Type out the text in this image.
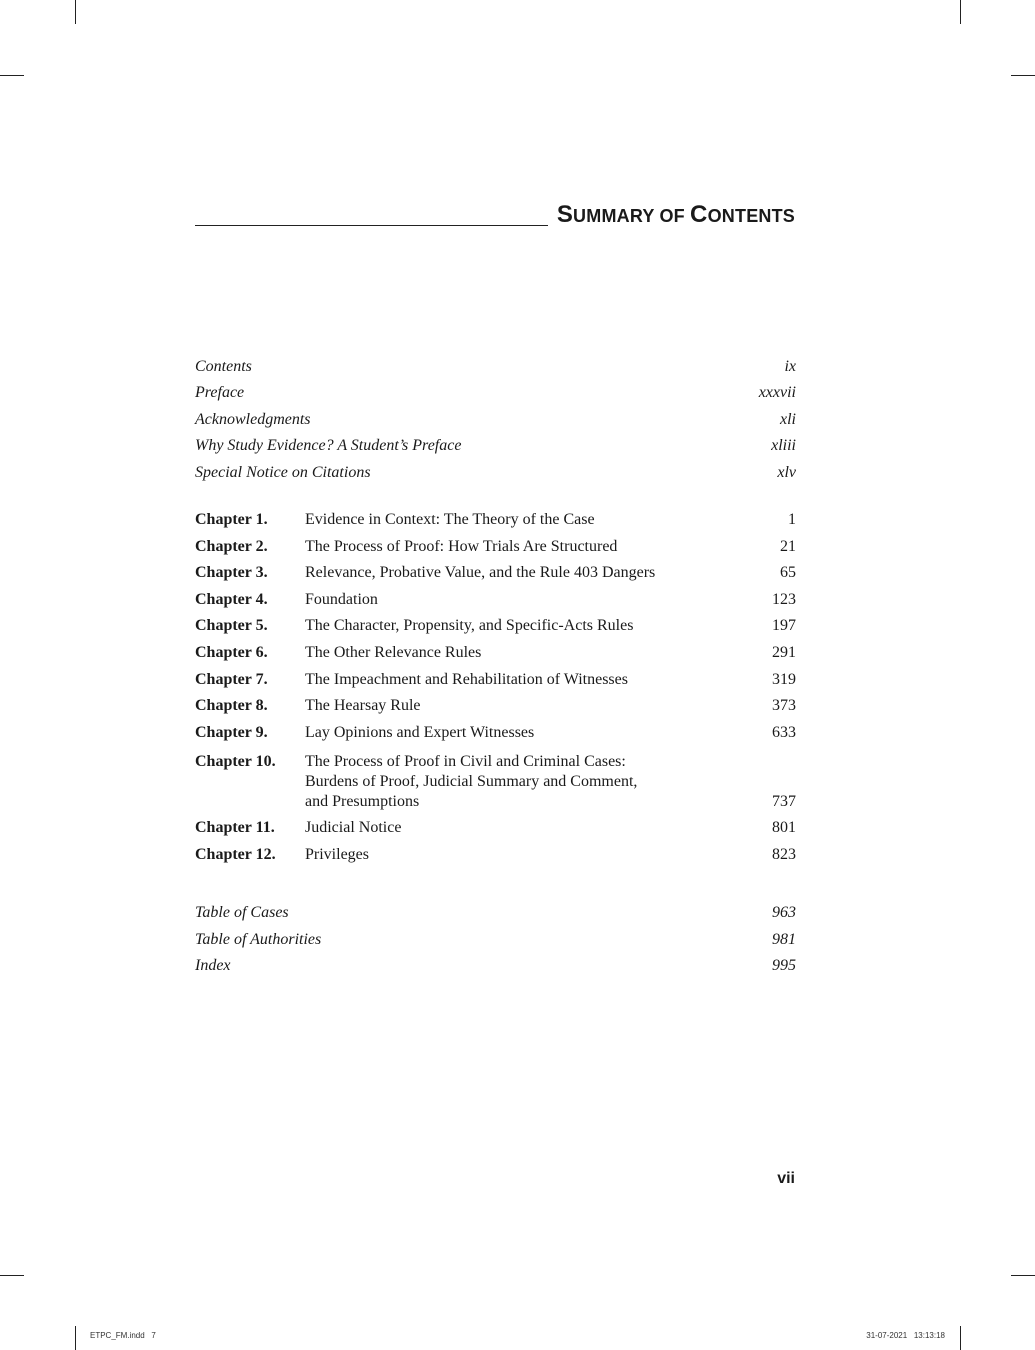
SUMMARY OF CONTENTS
Contents	ix
Preface	xxxvii
Acknowledgments	xli
Why Study Evidence? A Student’s Preface	xliii
Special Notice on Citations	xlv
Chapter 1.	Evidence in Context: The Theory of the Case	1
Chapter 2.	The Process of Proof: How Trials Are Structured	21
Chapter 3.	Relevance, Probative Value, and the Rule 403 Dangers	65
Chapter 4.	Foundation	123
Chapter 5.	The Character, Propensity, and Specific-Acts Rules	197
Chapter 6.	The Other Relevance Rules	291
Chapter 7.	The Impeachment and Rehabilitation of Witnesses	319
Chapter 8.	The Hearsay Rule	373
Chapter 9.	Lay Opinions and Expert Witnesses	633
Chapter 10.	The Process of Proof in Civil and Criminal Cases:
Burdens of Proof, Judicial Summary and Comment,
and Presumptions	737
Chapter 11.	Judicial Notice	801
Chapter 12.	Privileges	823
Table of Cases	963
Table of Authorities	981
Index	995
vii
ETPC_FM.indd   7	31-07-2021   13:13:18
